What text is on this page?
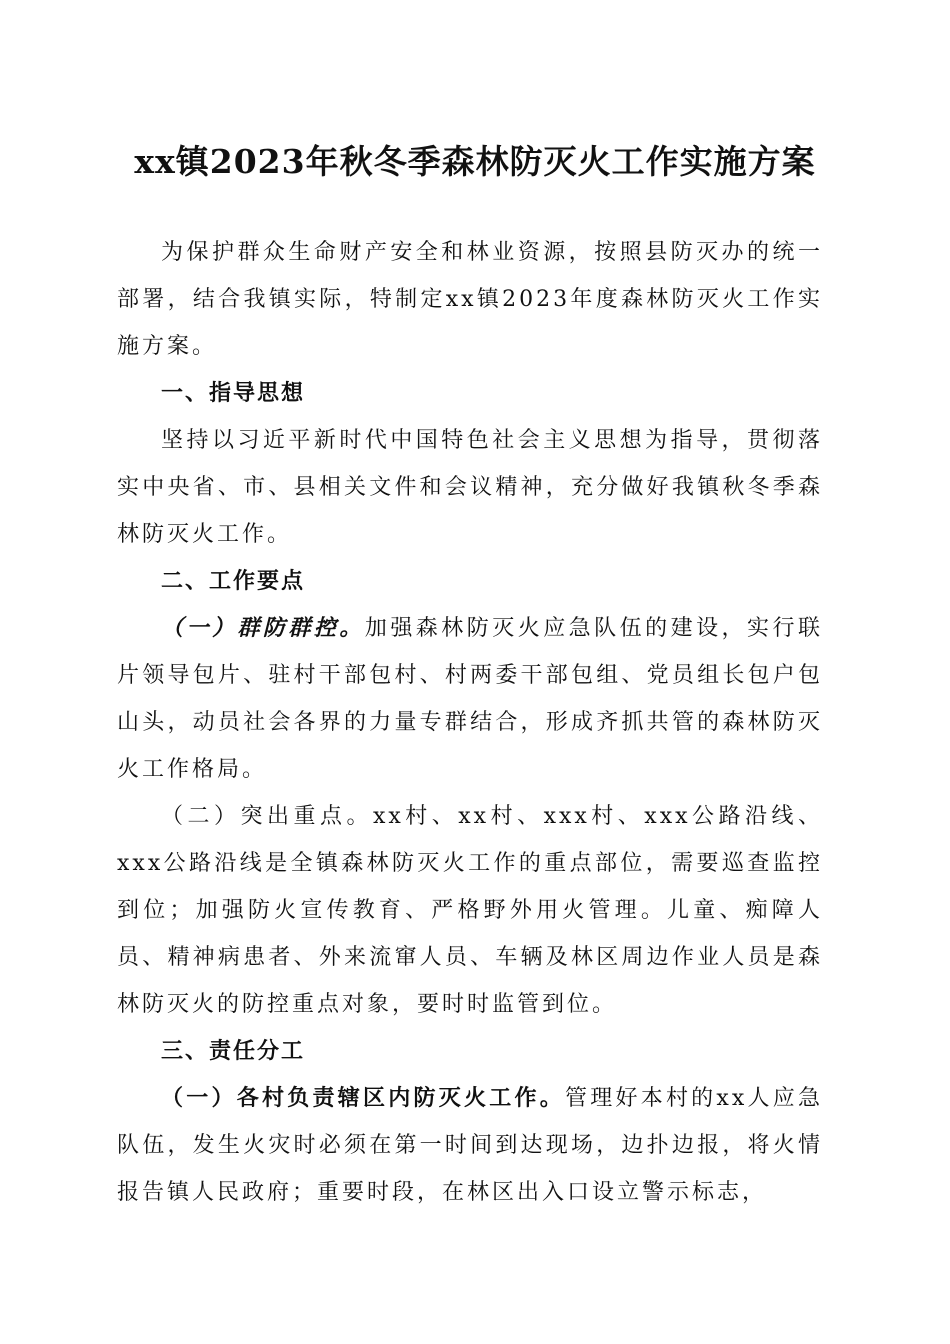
xx镇2023年秋冬季森林防灭火工作实施方案

为保护群众生命财产安全和林业资源，按照县防灭办的统一部署，结合我镇实际，特制定xx镇2023年度森林防灭火工作实施方案。

一、指导思想

坚持以习近平新时代中国特色社会主义思想为指导，贯彻落实中央省、市、县相关文件和会议精神，充分做好我镇秋冬季森林防灭火工作。

二、工作要点

（一）群防群控。加强森林防灭火应急队伍的建设，实行联片领导包片、驻村干部包村、村两委干部包组、党员组长包户包山头，动员社会各界的力量专群结合，形成齐抓共管的森林防灭火工作格局。

（二）突出重点。xx村、xx村、xxx村、xxx公路沿线、xxx公路沿线是全镇森林防灭火工作的重点部位，需要巡查监控到位；加强防火宣传教育、严格野外用火管理。儿童、痴障人员、精神病患者、外来流窜人员、车辆及林区周边作业人员是森林防灭火的防控重点对象，要时时监管到位。

三、责任分工

（一）各村负责辖区内防灭火工作。管理好本村的xx人应急队伍，发生火灾时必须在第一时间到达现场，边扑边报，将火情报告镇人民政府；重要时段，在林区出入口设立警示标志，
